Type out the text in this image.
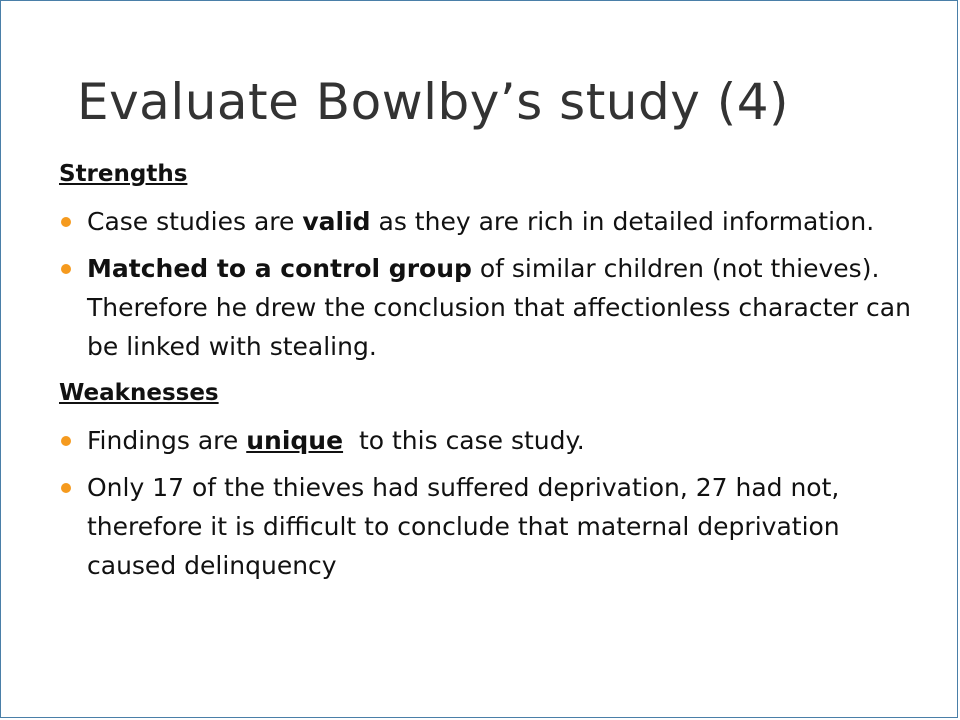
Evaluate Bowlby’s study (4)
Strengths
Case studies are valid as they are rich in detailed information.
Matched to a control group of similar children (not thieves). Therefore he drew the conclusion that affectionless character can be linked with stealing.
Weaknesses
Findings are unique  to this case study.
Only 17 of the thieves had suffered deprivation, 27 had not, therefore it is difficult to conclude that maternal deprivation caused delinquency
